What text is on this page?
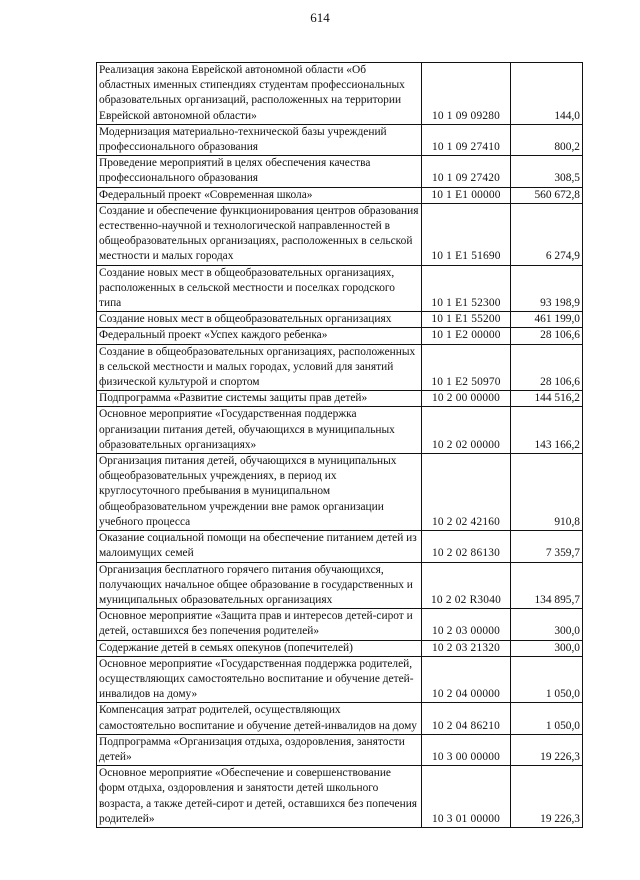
614
Реализация закона Еврейской автономной области «Об областных именных стипендиях студентам профессиональных образовательных организаций, расположенных на территории Еврейской автономной области»	10 1 09 09280	144,0
Модернизация материально-технической базы учреждений профессионального образования	10 1 09 27410	800,2
Проведение мероприятий в целях обеспечения качества профессионального образования	10 1 09 27420	308,5
Федеральный проект «Современная школа»	10 1 E1 00000	560 672,8
Создание и обеспечение функционирования центров образования естественно-научной и технологической направленностей в общеобразовательных организациях, расположенных в сельской местности и малых городах	10 1 E1 51690	6 274,9
Создание новых мест в общеобразовательных организациях, расположенных в сельской местности и поселках городского типа	10 1 E1 52300	93 198,9
Создание новых мест в общеобразовательных организациях	10 1 E1 55200	461 199,0
Федеральный проект «Успех каждого ребенка»	10 1 E2 00000	28 106,6
Создание в общеобразовательных организациях, расположенных в сельской местности и малых городах, условий для занятий физической культурой и спортом	10 1 E2 50970	28 106,6
Подпрограмма «Развитие системы защиты прав детей»	10 2 00 00000	144 516,2
Основное мероприятие «Государственная поддержка организации питания детей, обучающихся в муниципальных образовательных организациях»	10 2 02 00000	143 166,2
Организация питания детей, обучающихся в муниципальных общеобразовательных учреждениях, в период их круглосуточного пребывания в муниципальном общеобразовательном учреждении вне рамок организации учебного процесса	10 2 02 42160	910,8
Оказание социальной помощи на обеспечение питанием детей из малоимущих семей	10 2 02 86130	7 359,7
Организация бесплатного горячего питания обучающихся, получающих начальное общее образование в государственных и муниципальных образовательных организациях	10 2 02 R3040	134 895,7
Основное мероприятие «Защита прав и интересов детей-сирот и детей, оставшихся без попечения родителей»	10 2 03 00000	300,0
Содержание детей в семьях опекунов (попечителей)	10 2 03 21320	300,0
Основное мероприятие «Государственная поддержка родителей, осуществляющих самостоятельно воспитание и обучение детей-инвалидов на дому»	10 2 04 00000	1 050,0
Компенсация затрат родителей, осуществляющих самостоятельно воспитание и обучение детей-инвалидов на дому	10 2 04 86210	1 050,0
Подпрограмма «Организация отдыха, оздоровления, занятости детей»	10 3 00 00000	19 226,3
Основное мероприятие «Обеспечение и совершенствование форм отдыха, оздоровления и занятости детей школьного возраста, а также детей-сирот и детей, оставшихся без попечения родителей»	10 3 01 00000	19 226,3
